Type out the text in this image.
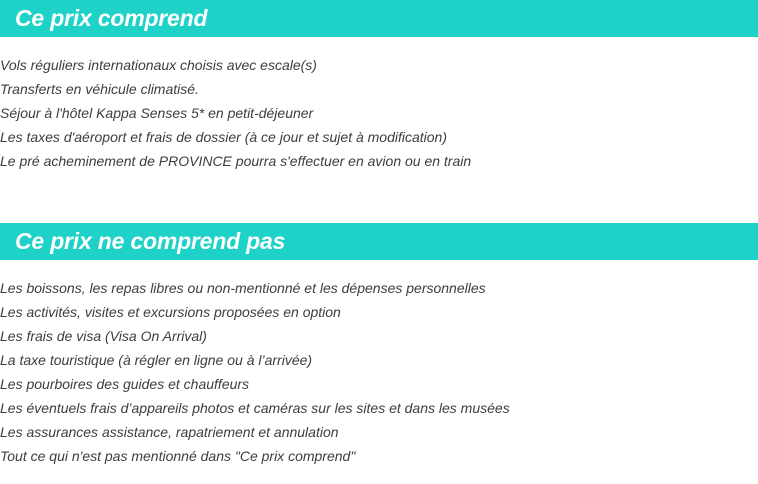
Ce prix comprend
Vols réguliers internationaux choisis avec escale(s)
Transferts en véhicule climatisé.
Séjour à l'hôtel Kappa Senses 5* en petit-déjeuner
Les taxes d'aéroport et frais de dossier (à ce jour et sujet à modification)
Le pré acheminement de PROVINCE pourra s'effectuer en avion ou en train
Ce prix ne comprend pas
Les boissons, les repas libres ou non-mentionné et les dépenses personnelles
Les activités, visites et excursions proposées en option
Les frais de visa (Visa On Arrival)
La taxe touristique (à régler en ligne ou à l’arrivée)
Les pourboires des guides et chauffeurs
Les éventuels frais d’appareils photos et caméras sur les sites et dans les musées
Les assurances assistance, rapatriement et annulation
Tout ce qui n'est pas mentionné dans "Ce prix comprend"
